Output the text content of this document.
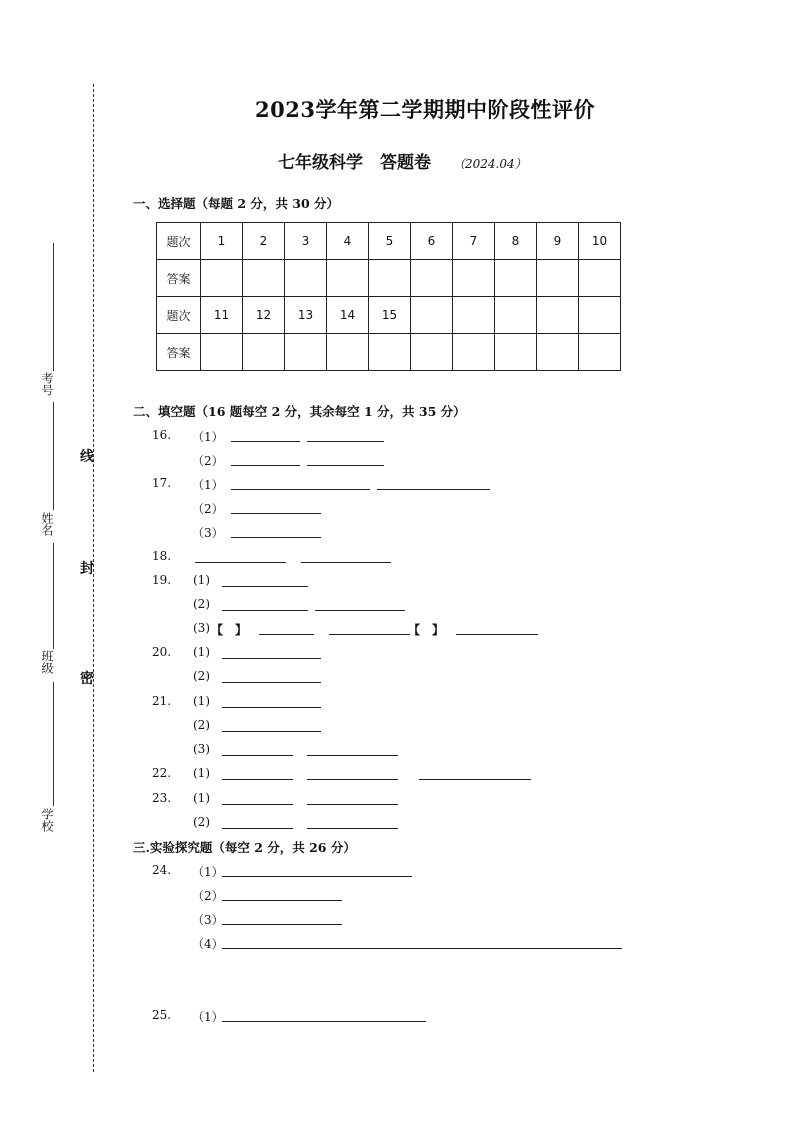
2023学年第二学期期中阶段性评价
七年级科学　答题卷 （2024.04）
考号
姓名
班级
学校
线
封
密
一、选择题（每题 2 分，共 30 分）
题次	1	2	3	4	5	6	7	8	9	10
答案										
题次	11	12	13	14	15					
答案										
二、填空题（16 题每空 2 分，其余每空 1 分，共 35 分）
16. （1）
（2）
17. （1）
（2）
（3）
18.
19. (1)
(2)
(3) 【　】	【　】
20. (1)
(2)
21. (1)
(2)
(3)
22. (1)
23. (1)
(2)
三.实验探究题（每空 2 分，共 26 分）
24. （1）
（2）
（3）
（4）
25. （1）
